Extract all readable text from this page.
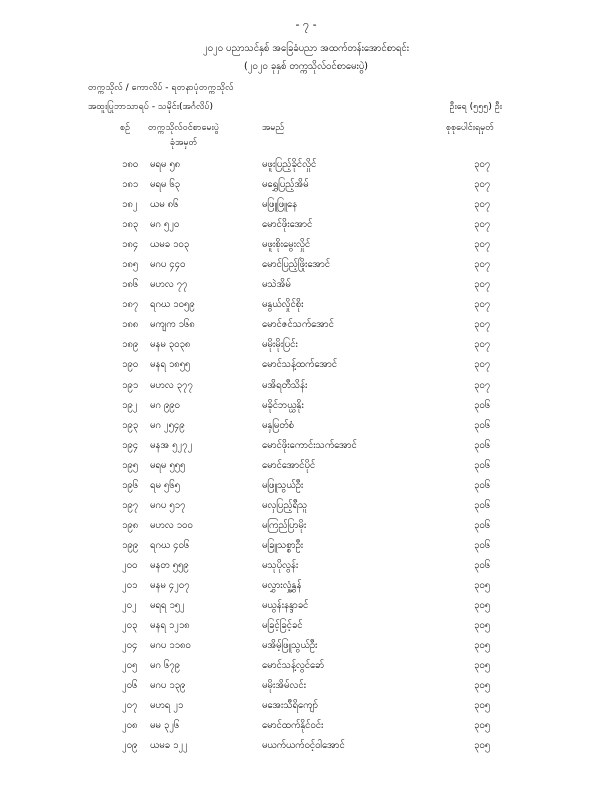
- ၇ -
၂၀၂၀ ပညာသင်နှစ် အခြေခံပညာ အထက်တန်းအောင်စာရင်း
(၂၀၂၀ ခုနှစ် တက္ကသိုလ်ဝင်စာမေးပွဲ)
တက္ကသိုလ် / ကောလိပ် - ရတနာပုံတက္ကသိုလ်
အထူးပြုဘာသာရပ် - သမိုင်း(အင်္ဂလိပ်)	ဦးရေ (၅၅၅) ဦး
စဉ် တက္ကသိုလ်ဝင်စာမေးပွဲ	အမည်	စုစုပေါင်းရမှတ်
ခုံအမှတ်
၁၈၀ မရမ ၅၈	မဖူးပြည့်ခိုင်လှိုင်	၃၀၇
၁၈၁ မရမ ၆၃	မရွှေပြည့်အိမ်	၃၀၇
၁၈၂ ယမ ၈၆	မဖြူဖြူနေ	၃၀၇
၁၈၃ မဂ ၅၂၀	မောင်ဖိုးအောင်	၃၀၇
၁၈၄ ယမခ ၁၀၃	မဖူးစိုးမွေးလှိုင်	၃၀၇
၁၈၅ မဂပ ၄၄၀	မောင်ပြည့်ဖြိုးအောင်	၃၀၇
၁၈၆ မဟလ ၇၇	မသဲအိမ်	၃၀၇
၁၈၇ ရဂဃ ၁၀၅၉	မနွယ်လှိုင်စိုး	၃၀၇
၁၈၈ မကျက ၁၆၈	မောင်ဇင်သက်အောင်	၃၀၇
၁၈၉ မနမ ၃၀၃၈	မမိုးမိုးပြင်း	၃၀၇
၁၉၀ မနရ ၁၈၅၅	မောင်သန့်ထက်အောင်	၃၀၇
၁၉၁ မဟလ ၃၇၇	မအိရတီသိန်း	၃၀၇
၁၉၂ မဂ ၉၉၀	မခိုင်ဘယ္ယနိုး	၃၀၆
၁၉၃ မဂ ၂၅၄၉	မနှမြတ်စံ	၃၀၆
၁၉၄ မနအ ၅၂၇၂	မောင်ဖိုးကောင်းသက်အောင်	၃၀၆
၁၉၅ မရမ ၅၅၅	မောင်အောင်ပိုင်	၃၀၆
၁၉၆ ရမ ၅၆၅	မဖြူသွယ်ဦး	၃၀၆
၁၉၇ မဂပ ၅၁၇	မလှပြည့်ရီသူ	၃၀၆
၁၉၈ မဟလ ၁၀၀	မကြည်ပြာမိုး	၃၀၆
၁၉၉ ရဂဃ ၄၀၆	မခြူသစ္စာဦး	၃၀၆
၂၀၀ မနတ ၅၅၉	မသုပိုလွန်း	၃၀၆
၂၀၁ မနမ ၄၂၀၇	မလွှားလှုံ့နွှန်	၃၀၅
၂၀၂ မရရ ၁၅၂	မယွန်းနန္ဒာခင်	၃၀၅
၂၀၃ မနရ ၁၂၁၈	မခြင့်ခြင့်ခင်	၃၀၅
၂၀၄ မဂပ ၁၁၈၀	မအိမ့်ဖြူသွယ်ဦး	၃၀၅
၂၀၅ မဂ ၆၇၉	မောင်သန့်လွင်ခော်	၃၀၅
၂၀၆ မဂပ ၁၃၉	မမိုးအိမ်လင်း	၃၀၅
၂၀၇ မဟရ ၂၁	မအေးသီရိကျော်	၃၀၅
၂၀၈ မမ ၃၂၆	မောင်ထက်နိုင်ဝင်း	၃၀၅
၂၀၉ ယမခ ၁၂၂	မယက်ယက်ဝင့်ဝါအောင်	၃၀၅
